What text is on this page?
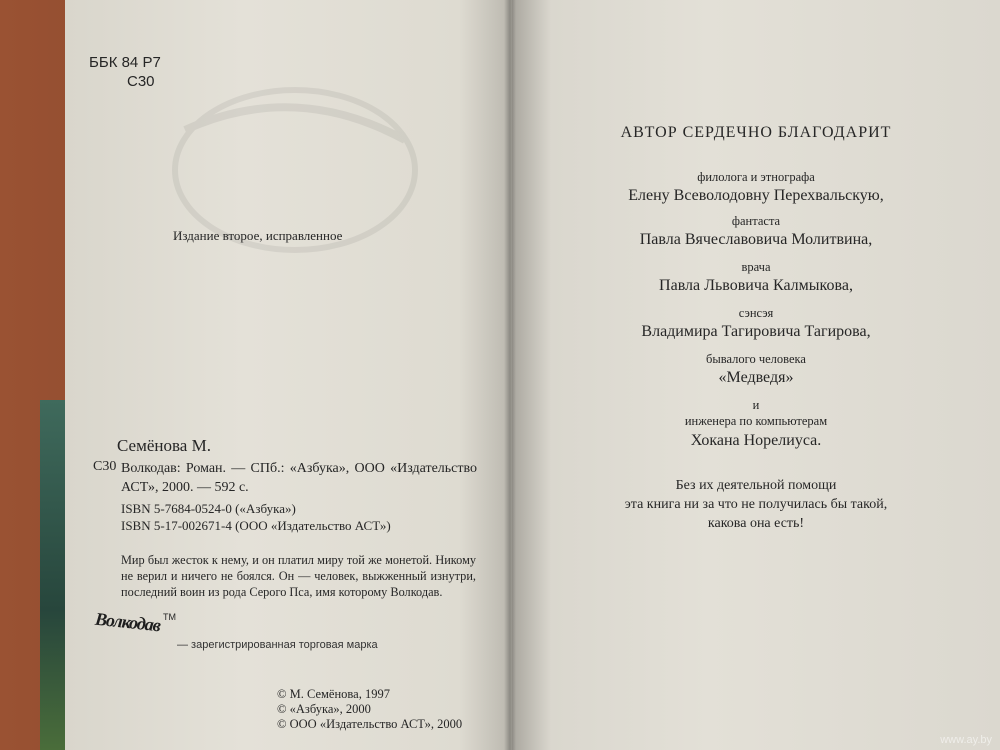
ББК 84 Р7
С30
Издание второе, исправленное
Семёнова М.
С30 Волкодав: Роман. — СПб.: «Азбука», ООО «Издательство АСТ», 2000. — 592 с.
ISBN 5-7684-0524-0 («Азбука»)
ISBN 5-17-002671-4 (ООО «Издательство АСТ»)
Мир был жесток к нему, и он платил миру той же монетой. Никому не верил и ничего не боялся. Он — человек, выжженный изнутри, последний воин из рода Серого Пса, имя которому Волкодав.
Волкодав TM
— зарегистрированная торговая марка
© М. Семёнова, 1997
© «Азбука», 2000
© ООО «Издательство АСТ», 2000
АВТОР СЕРДЕЧНО БЛАГОДАРИТ
филолога и этнографа
Елену Всеволодовну Перехвальскую,
фантаста
Павла Вячеславовича Молитвина,
врача
Павла Львовича Калмыкова,
сэнсэя
Владимира Тагировича Тагирова,
бывалого человека
«Медведя»
и
инженера по компьютерам
Хокана Норелиуса.
Без их деятельной помощи
эта книга ни за что не получилась бы такой,
какова она есть!
www.ay.by
